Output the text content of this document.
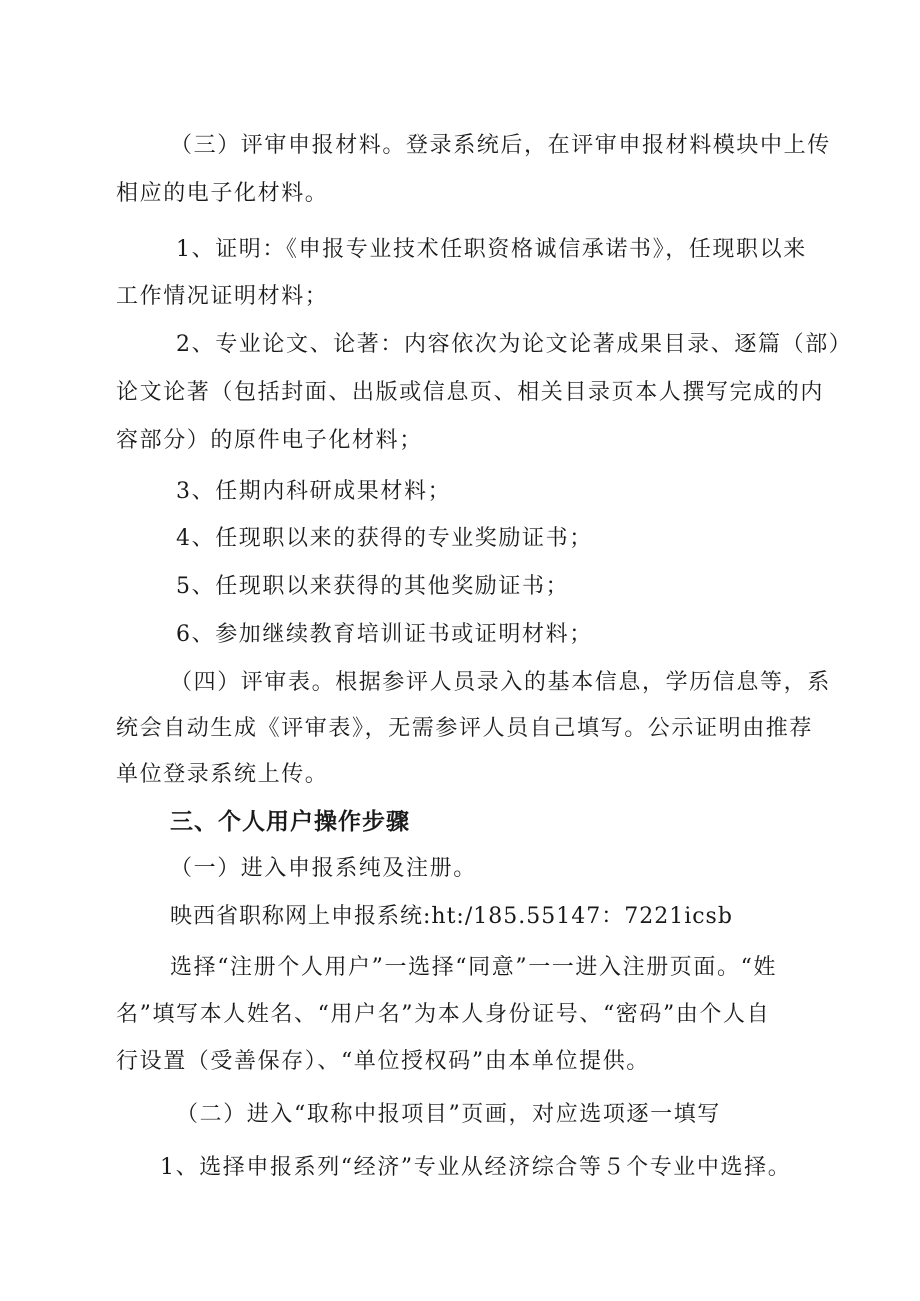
（三）评审申报材料。登录系统后，在评审申报材料模块中上传
相应的电子化材料。
1、证明：《申报专业技术任职资格诚信承诺书》，任现职以来
工作情况证明材料；
2、专业论文、论著：内容依次为论文论著成果目录、逐篇（部）
论文论著（包括封面、出版或信息页、相关目录页本人撰写完成的内
容部分）的原件电子化材料；
3、任期内科研成果材料；
4、任现职以来的获得的专业奖励证书；
5、任现职以来获得的其他奖励证书；
6、参加继续教育培训证书或证明材料；
（四）评审表。根据参评人员录入的基本信息，学历信息等，系
统会自动生成《评审表》，无需参评人员自己填写。公示证明由推荐
单位登录系统上传。
三、个人用户操作步骤
（一）进入申报系纯及注册。
映西省职称网上申报系统:ht:/185.55147：7221icsb
选择“注册个人用户”一选择“同意”一一进入注册页面。“姓
名”填写本人姓名、“用户名”为本人身份证号、“密码”由个人自
行设置（受善保存）、“单位授权码”由本单位提供。
（二）进入“取称中报项目”页画，对应选项逐一填写
1、选择申报系列“经济”专业从经济综合等５个专业中选择。
